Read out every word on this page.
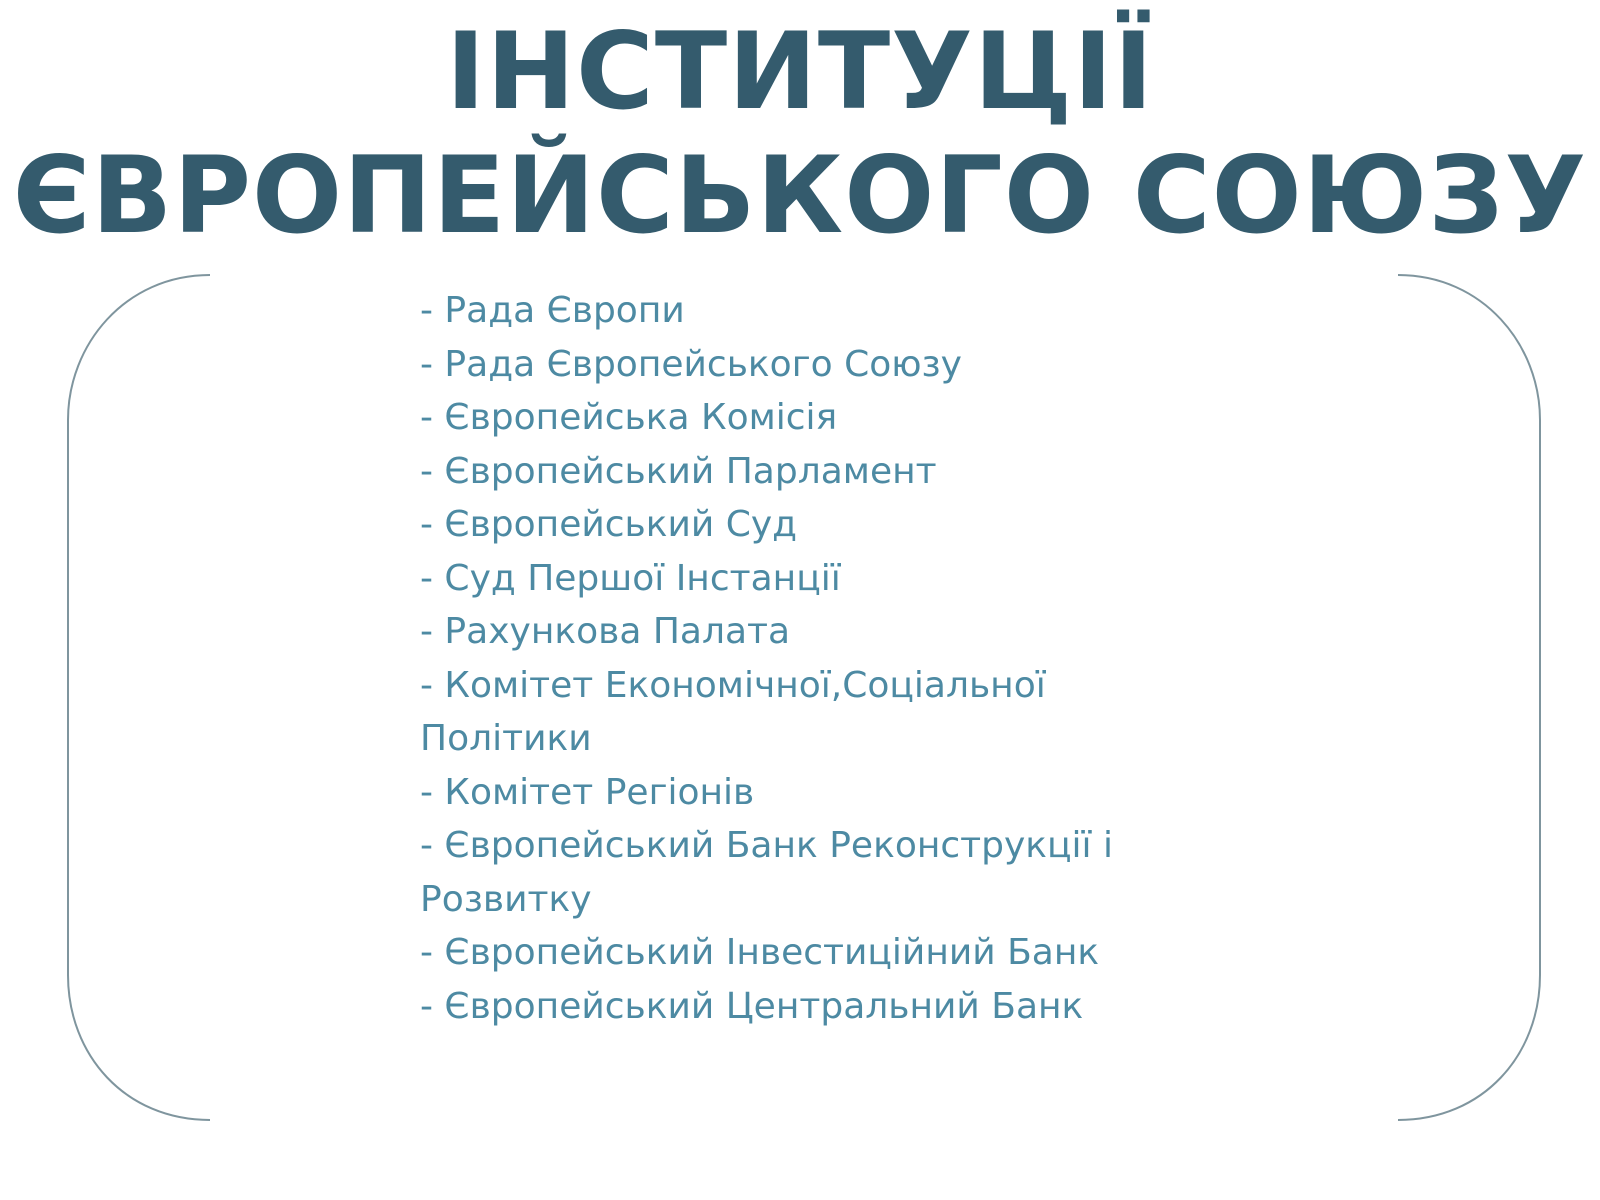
ІНСТИТУЦІЇ
ЄВРОПЕЙСЬКОГО СОЮЗУ
- Рада Європи
- Рада Європейського Союзу
- Європейська Комісія
- Європейський Парламент
- Європейський Суд
- Суд Першої Інстанції
- Рахункова Палата
- Комітет Економічної,Соціальної Політики
- Комітет Регіонів
- Європейський Банк Реконструкції і Розвитку
- Європейський Інвестиційний Банк
- Європейський Центральний Банк
